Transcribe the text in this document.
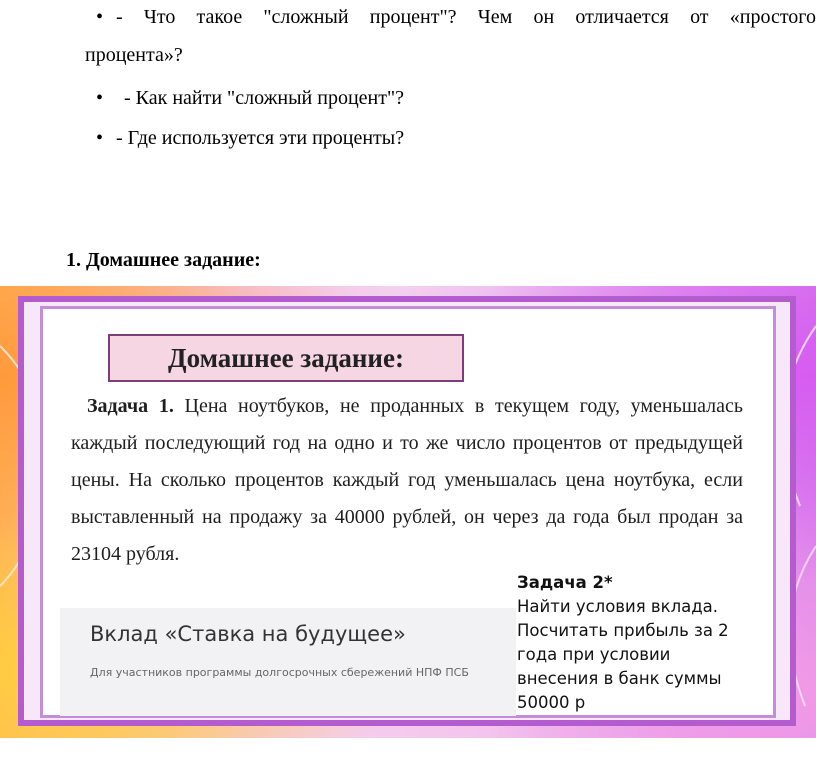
• - Что такое "сложный процент"? Чем он отличается от «простого
процента»?
• - Как найти "сложный процент"?
• - Где используется эти проценты?
1. Домашнее задание:
Домашнее задание:
Задача 1. Цена ноутбуков, не проданных в текущем году, уменьшалась каждый последующий год на одно и то же число процентов от предыдущей цены. На сколько процентов каждый год уменьшалась цена ноутбука, если выставленный на продажу за 40000 рублей, он через да года был продан за 23104 рубля.
Вклад «Ставка на будущее»
Для участников программы долгосрочных сбережений НПФ ПСБ
Задача 2*
Найти условия вклада.
Посчитать прибыль за 2
года при условии
внесения в банк суммы
50000 р
